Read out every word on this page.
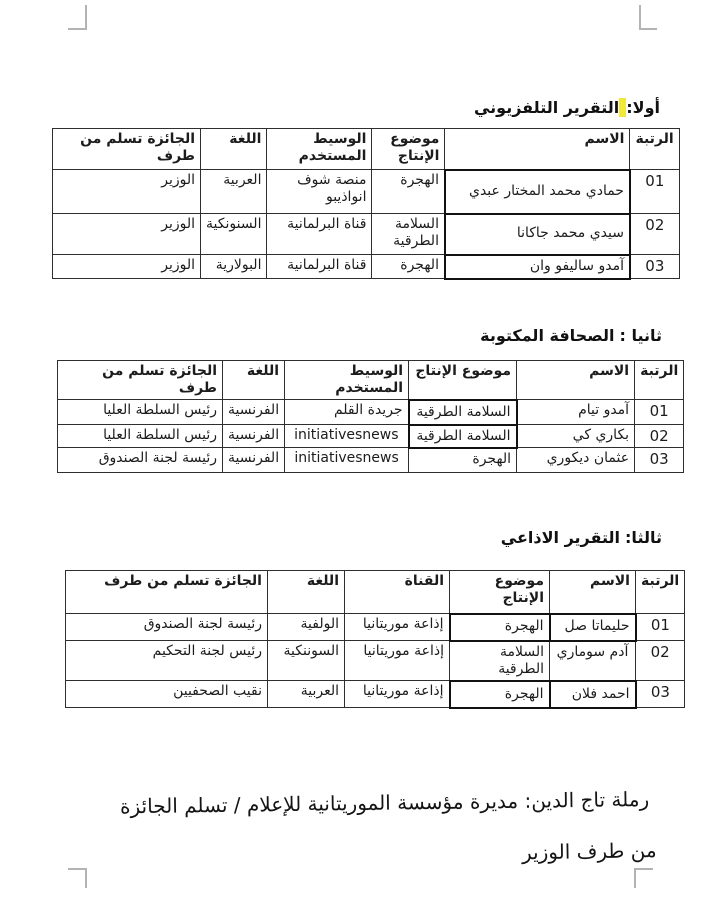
أولا:التقرير التلفزيوني
الرتبة	الاسم	موضوع الإنتاج	الوسيط المستخدم	اللغة	الجائزة تسلم من طرف
01	حمادي محمد المختار عبدي	الهجرة	منصة شوف انواذيبو	العربية	الوزير
02	سيدي محمد جاكانا	السلامة الطرقية	قناة البرلمانية	السنونكية	الوزير
03	آمدو ساليفو وان	الهجرة	قناة البرلمانية	البولارية	الوزير
ثانيا :الصحافة المكتوبة
الرتبة	الاسم	موضوع الإنتاج	الوسيط المستخدم	اللغة	الجائزة تسلم من طرف
01	آمدو تيام	السلامة الطرقية	جريدة القلم	الفرنسية	رئيس السلطة العليا
02	بكاري كي	السلامة الطرقية	initiativesnews	الفرنسية	رئيس السلطة العليا
03	عثمان ديكوري	الهجرة	initiativesnews	الفرنسية	رئيسة لجنة الصندوق
ثالثا:التقرير الاذاعي
الرتبة	الاسم	موضوع الإنتاج	القناة	اللغة	الجائزة تسلم من طرف
01	حليماتا صل	الهجرة	إذاعة موريتانيا	الولفية	رئيسة لجنة الصندوق
02	آدم سوماري	السلامة الطرقية	إذاعة موريتانيا	السوننكية	رئيس لجنة التحكيم
03	احمد فلان	الهجرة	إذاعة موريتانيا	العربية	نقيب الصحفيين
رملة تاج الدين: مديرة مؤسسة الموريتانية للإعلام / تسلم الجائزة
من طرف الوزير
